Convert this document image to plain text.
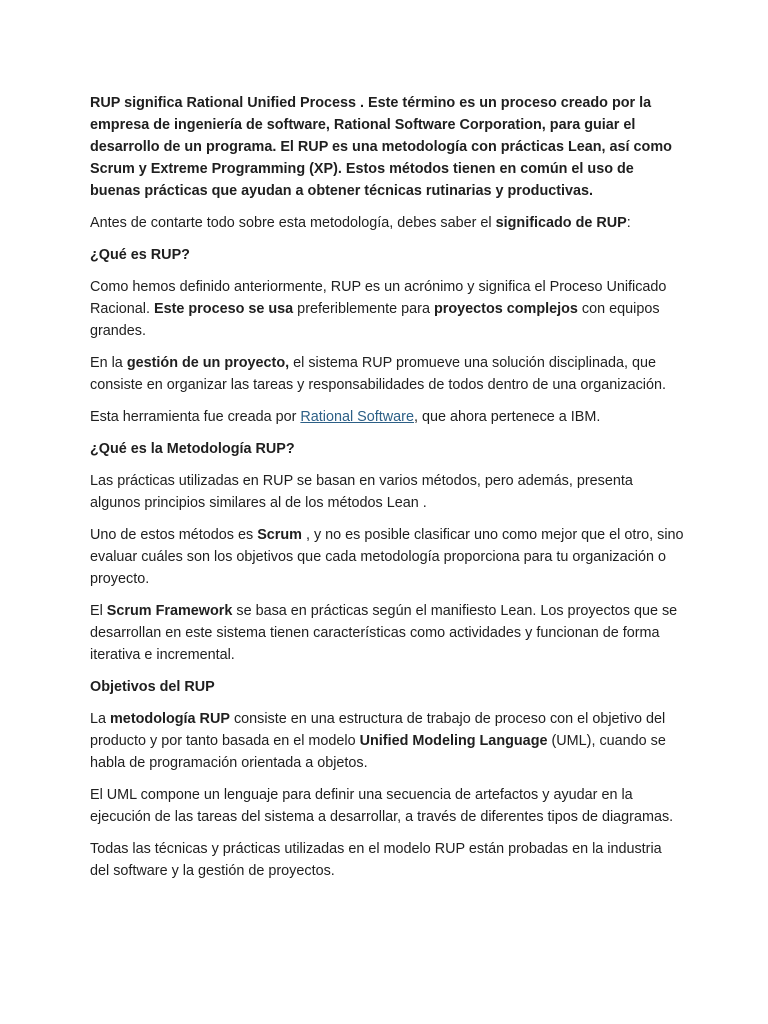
RUP significa Rational Unified Process . Este término es un proceso creado por la empresa de ingeniería de software, Rational Software Corporation, para guiar el desarrollo de un programa. El RUP es una metodología con prácticas Lean, así como Scrum y Extreme Programming (XP). Estos métodos tienen en común el uso de buenas prácticas que ayudan a obtener técnicas rutinarias y productivas.

Antes de contarte todo sobre esta metodología, debes saber el significado de RUP:

¿Qué es RUP?

Como hemos definido anteriormente, RUP es un acrónimo y significa el Proceso Unificado Racional. Este proceso se usa preferiblemente para proyectos complejos con equipos grandes.

En la gestión de un proyecto, el sistema RUP promueve una solución disciplinada, que consiste en organizar las tareas y responsabilidades de todos dentro de una organización.

Esta herramienta fue creada por Rational Software, que ahora pertenece a IBM.

¿Qué es la Metodología RUP?

Las prácticas utilizadas en RUP se basan en varios métodos, pero además, presenta algunos principios similares al de los métodos Lean .

Uno de estos métodos es Scrum , y no es posible clasificar uno como mejor que el otro, sino evaluar cuáles son los objetivos que cada metodología proporciona para tu organización o proyecto.

El Scrum Framework se basa en prácticas según el manifiesto Lean. Los proyectos que se desarrollan en este sistema tienen características como actividades y funcionan de forma iterativa e incremental.

Objetivos del RUP

La metodología RUP consiste en una estructura de trabajo de proceso con el objetivo del producto y por tanto basada en el modelo Unified Modeling Language (UML), cuando se habla de programación orientada a objetos.

El UML compone un lenguaje para definir una secuencia de artefactos y ayudar en la ejecución de las tareas del sistema a desarrollar, a través de diferentes tipos de diagramas.

Todas las técnicas y prácticas utilizadas en el modelo RUP están probadas en la industria del software y la gestión de proyectos.
